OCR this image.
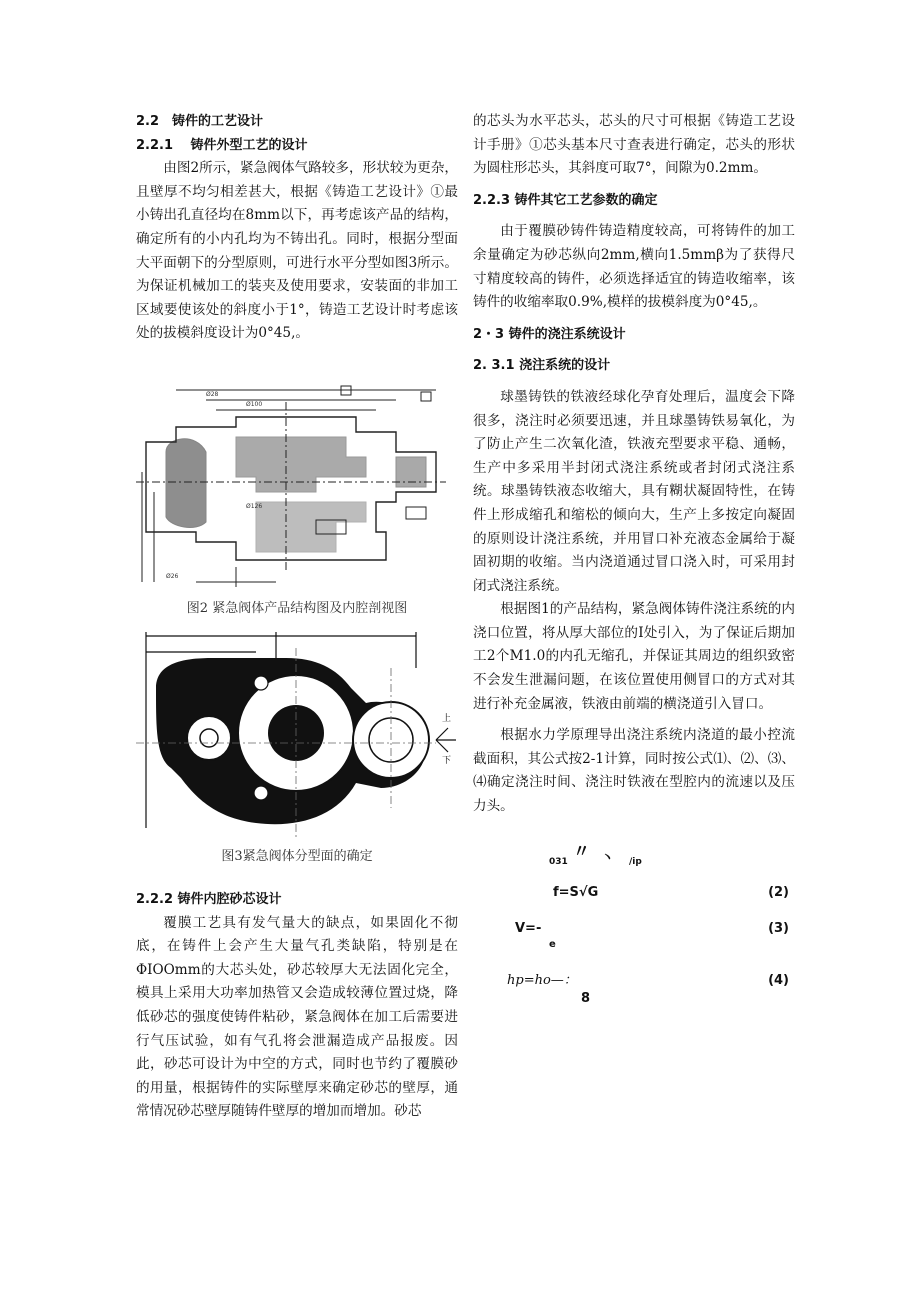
2.2　铸件的工艺设计
2.2.1　 铸件外型工艺的设计

由图2所示，紧急阀体气路较多，形状较为更杂，且壁厚不均匀相差甚大，根据《铸造工艺设计》①最小铸出孔直径均在8mm以下，再考虑该产品的结构，确定所有的小内孔均为不铸出孔。同时，根据分型面大平面朝下的分型原则，可进行水平分型如图3所示。为保证机械加工的装夹及使用要求，安装面的非加工区域要使该处的斜度小于1°，铸造工艺设计时考虑该处的拔模斜度设计为0°45,。

Ø28
Ø100
Ø126
Ø26
图2 紧急阀体产品结构图及内腔剖视图
上
下
图3紧急阀体分型面的确定
2.2.2 铸件内腔砂芯设计

覆膜工艺具有发气量大的缺点，如果固化不彻底，在铸件上会产生大量气孔类缺陷，特别是在ΦIOOmm的大芯头处，砂芯较厚大无法固化完全，模具上采用大功率加热管又会造成较薄位置过烧，降低砂芯的强度使铸件粘砂，紧急阀体在加工后需要进行气压试验，如有气孔将会泄漏造成产品报废。因此，砂芯可设计为中空的方式，同时也节约了覆膜砂的用量，根据铸件的实际壁厚来确定砂芯的壁厚，通常情况砂芯壁厚随铸件壁厚的增加而增加。砂芯

的芯头为水平芯头，芯头的尺寸可根据《铸造工艺设计手册》①芯头基本尺寸查表进行确定，芯头的形状为圆柱形芯头，其斜度可取7°，间隙为0.2mm。

2.2.3 铸件其它工艺参数的确定

由于覆膜砂铸件铸造精度较高，可将铸件的加工余量确定为砂芯纵向2mm,横向1.5mmβ为了获得尺寸精度较高的铸件，必须选择适宜的铸造收缩率，该铸件的收缩率取0.9%,模样的拔模斜度为0°45,。

2・3 铸件的浇注系统设计
2. 3.1 浇注系统的设计

球墨铸铁的铁液经球化孕育处理后，温度会下降很多，浇注时必须要迅速，并且球墨铸铁易氧化，为了防止产生二次氧化渣，铁液充型要求平稳、通畅，生产中多采用半封闭式浇注系统或者封闭式浇注系统。球墨铸铁液态收缩大，具有糊状凝固特性，在铸件上形成缩孔和缩松的倾向大，生产上多按定向凝固的原则设计浇注系统，并用冒口补充液态金属给于凝固初期的收缩。当内浇道通过冒口浇入时，可采用封闭式浇注系统。

根据图1的产品结构，紧急阀体铸件浇注系统的内浇口位置，将从厚大部位的I处引入，为了保证后期加工2个M1.0的内孔无缩孔，并保证其周边的组织致密不会发生泄漏问题，在该位置使用侧冒口的方式对其进行补充金属液，铁液由前端的横浇道引入冒口。

根据水力学原理导出浇注系统内浇道的最小控流截面积，其公式按2-1计算，同时按公式⑴、⑵、⑶、⑷确定浇注时间、浇注时铁液在型腔内的流速以及压力头。

031 〃 丶 ∕ip
f=S√G	(2)
V=-
e
(3)
hp=ho—：
8
(4)
